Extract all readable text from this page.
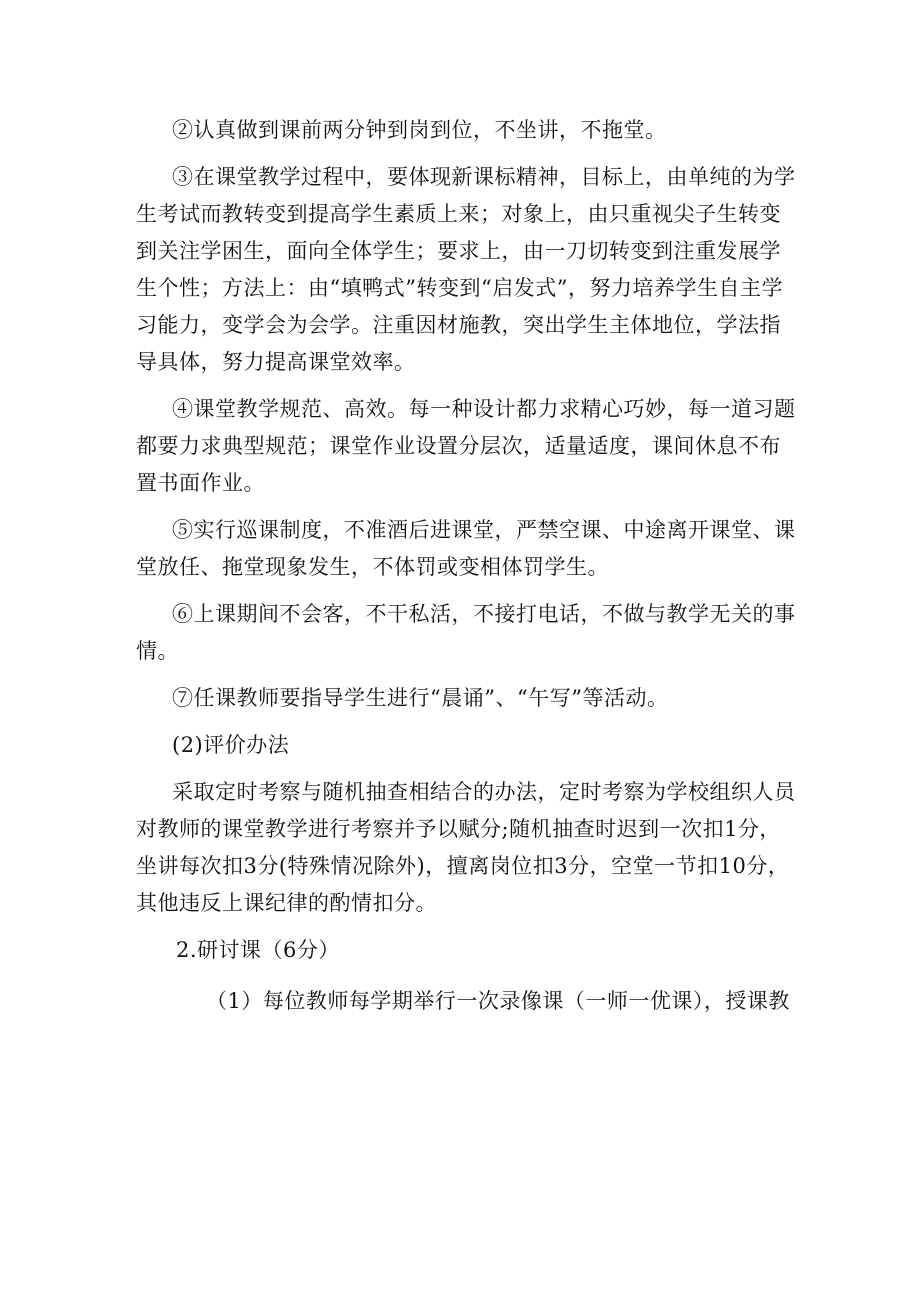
②认真做到课前两分钟到岗到位，不坐讲，不拖堂。

③在课堂教学过程中，要体现新课标精神，目标上，由单纯的为学生考试而教转变到提高学生素质上来；对象上，由只重视尖子生转变到关注学困生，面向全体学生；要求上，由一刀切转变到注重发展学生个性；方法上：由“填鸭式”转变到“启发式”，努力培养学生自主学习能力，变学会为会学。注重因材施教，突出学生主体地位，学法指导具体，努力提高课堂效率。

④课堂教学规范、高效。每一种设计都力求精心巧妙，每一道习题都要力求典型规范；课堂作业设置分层次，适量适度，课间休息不布置书面作业。

⑤实行巡课制度，不准酒后进课堂，严禁空课、中途离开课堂、课堂放任、拖堂现象发生，不体罚或变相体罚学生。

⑥上课期间不会客，不干私活，不接打电话，不做与教学无关的事情。

⑦任课教师要指导学生进行“晨诵”、“午写”等活动。

(2)评价办法

采取定时考察与随机抽查相结合的办法，定时考察为学校组织人员对教师的课堂教学进行考察并予以赋分;随机抽查时迟到一次扣1分，坐讲每次扣3分(特殊情况除外)，擅离岗位扣3分，空堂一节扣10分，其他违反上课纪律的酌情扣分。

2.研讨课（6分）

（1）每位教师每学期举行一次录像课（一师一优课），授课教
